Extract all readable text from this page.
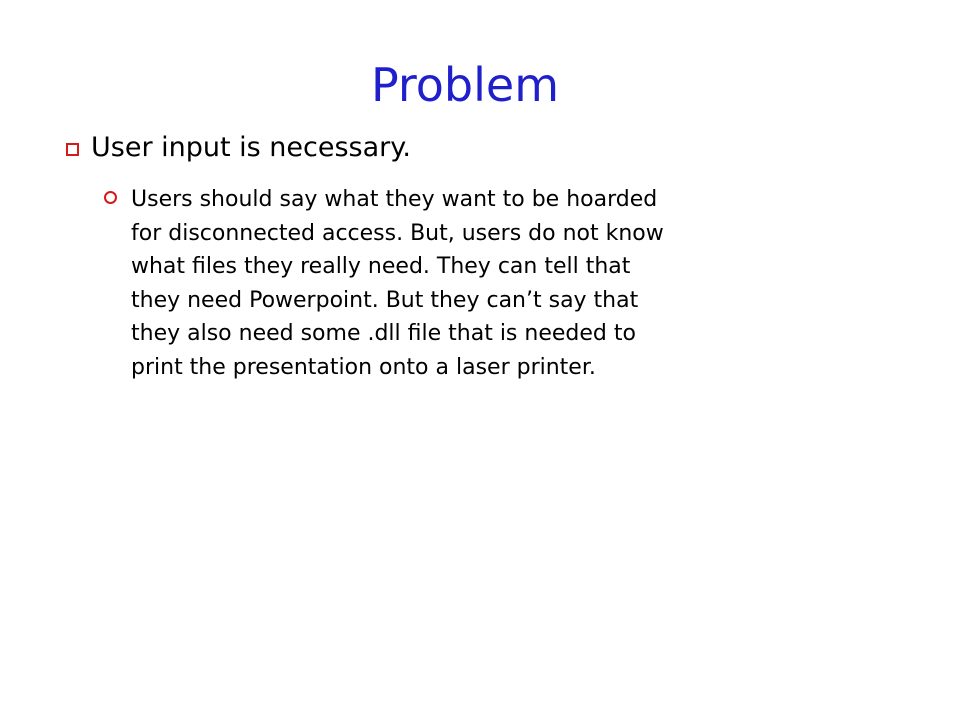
Problem
User input is necessary.
Users should say what they want to be hoarded
for disconnected access. But, users do not know
what files they really need. They can tell that
they need Powerpoint. But they can’t say that
they also need some .dll file that is needed to
print the presentation onto a laser printer.
